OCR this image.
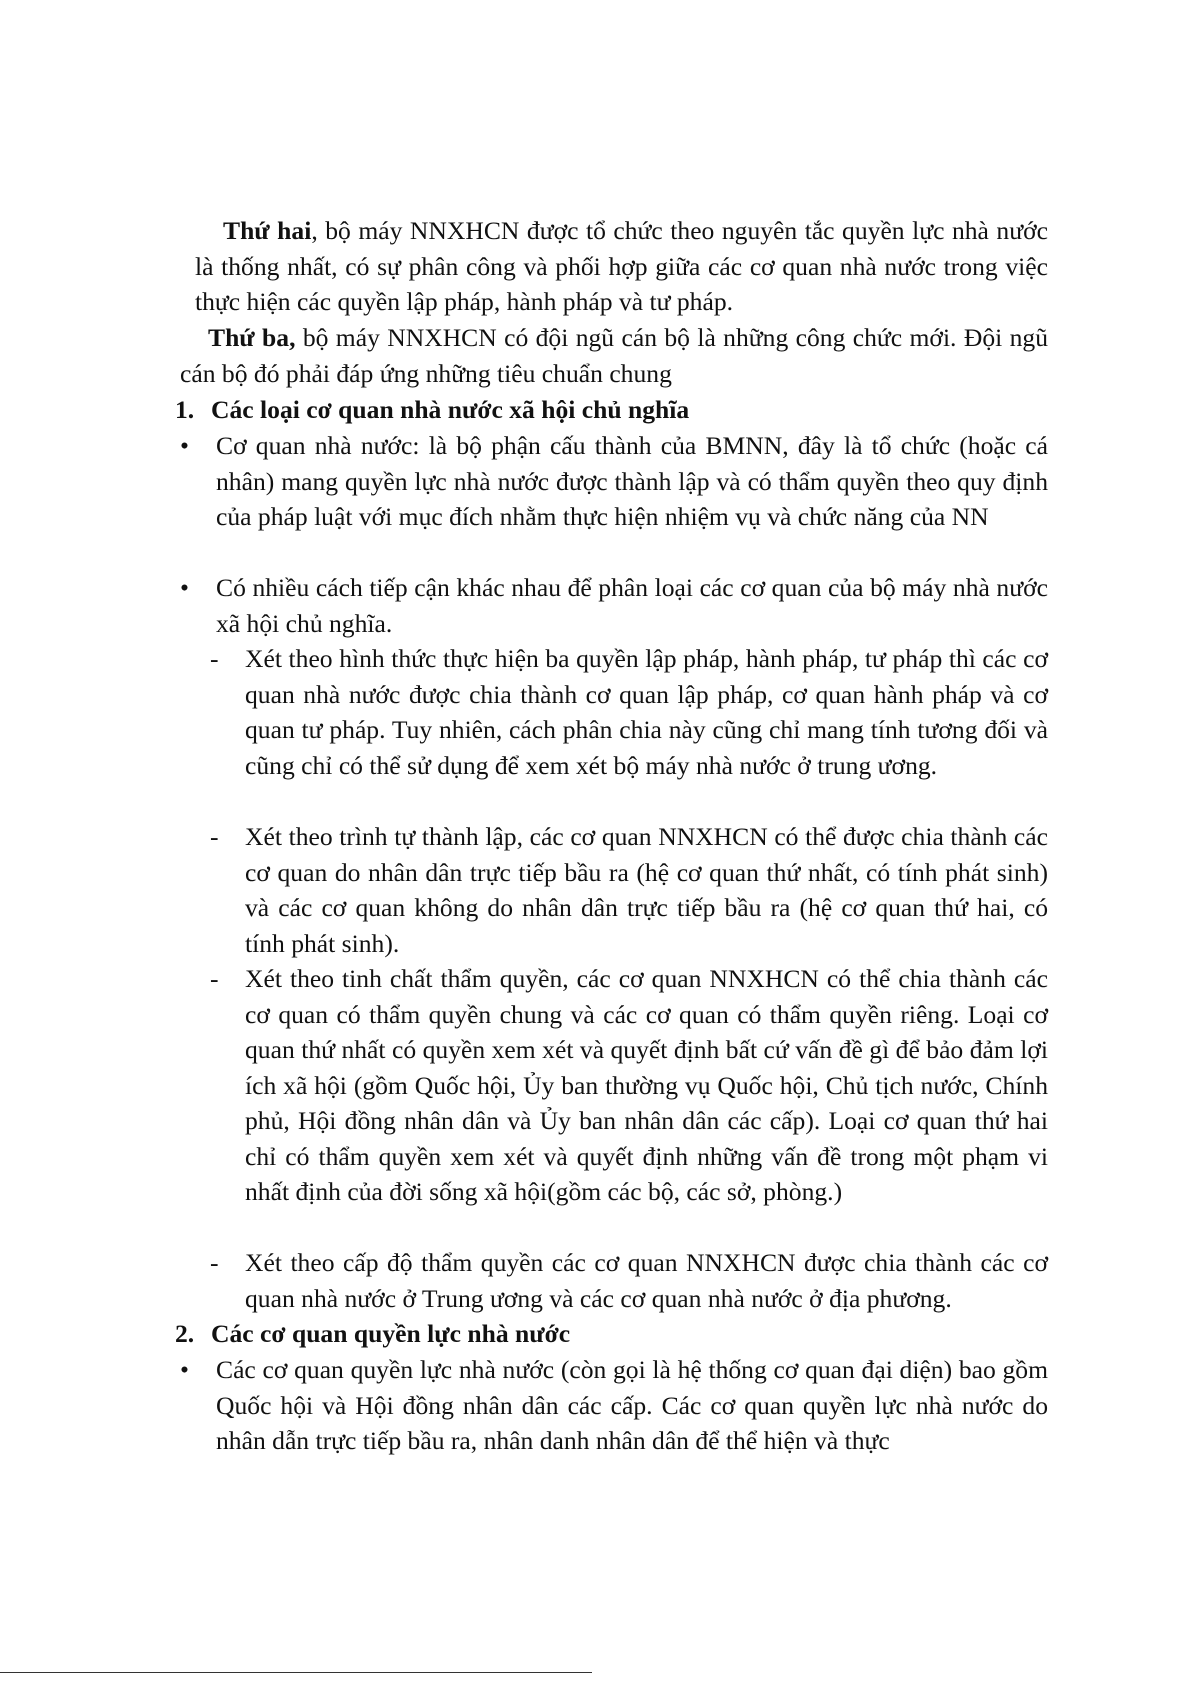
Thứ hai, bộ máy NNXHCN được tổ chức theo nguyên tắc quyền lực nhà nước là thống nhất, có sự phân công và phối hợp giữa các cơ quan nhà nước trong việc thực hiện các quyền lập pháp, hành pháp và tư pháp.

Thứ ba, bộ máy NNXHCN có đội ngũ cán bộ là những công chức mới. Đội ngũ cán bộ đó phải đáp ứng những tiêu chuẩn chung

1. Các loại cơ quan nhà nước xã hội chủ nghĩa

• Cơ quan nhà nước: là bộ phận cấu thành của BMNN, đây là tổ chức (hoặc cá nhân) mang quyền lực nhà nước được thành lập và có thẩm quyền theo quy định của pháp luật với mục đích nhằm thực hiện nhiệm vụ và chức năng của NN

• Có nhiều cách tiếp cận khác nhau để phân loại các cơ quan của bộ máy nhà nước xã hội chủ nghĩa.

- Xét theo hình thức thực hiện ba quyền lập pháp, hành pháp, tư pháp thì các cơ quan nhà nước được chia thành cơ quan lập pháp, cơ quan hành pháp và cơ quan tư pháp. Tuy nhiên, cách phân chia này cũng chỉ mang tính tương đối và cũng chỉ có thể sử dụng để xem xét bộ máy nhà nước ở trung ương.

- Xét theo trình tự thành lập, các cơ quan NNXHCN có thể được chia thành các cơ quan do nhân dân trực tiếp bầu ra (hệ cơ quan thứ nhất, có tính phát sinh) và các cơ quan không do nhân dân trực tiếp bầu ra (hệ cơ quan thứ hai, có tính phát sinh).

- Xét theo tinh chất thẩm quyền, các cơ quan NNXHCN có thể chia thành các cơ quan có thẩm quyền chung và các cơ quan có thẩm quyền riêng. Loại cơ quan thứ nhất có quyền xem xét và quyết định bất cứ vấn đề gì để bảo đảm lợi ích xã hội (gồm Quốc hội, Ủy ban thường vụ Quốc hội, Chủ tịch nước, Chính phủ, Hội đồng nhân dân và Ủy ban nhân dân các cấp). Loại cơ quan thứ hai chỉ có thẩm quyền xem xét và quyết định những vấn đề trong một phạm vi nhất định của đời sống xã hội(gồm các bộ, các sở, phòng.)

- Xét theo cấp độ thẩm quyền các cơ quan NNXHCN được chia thành các cơ quan nhà nước ở Trung ương và các cơ quan nhà nước ở địa phương.

2. Các cơ quan quyền lực nhà nước

• Các cơ quan quyền lực nhà nước (còn gọi là hệ thống cơ quan đại diện) bao gồm Quốc hội và Hội đồng nhân dân các cấp. Các cơ quan quyền lực nhà nước do nhân dẫn trực tiếp bầu ra, nhân danh nhân dân để thể hiện và thực
